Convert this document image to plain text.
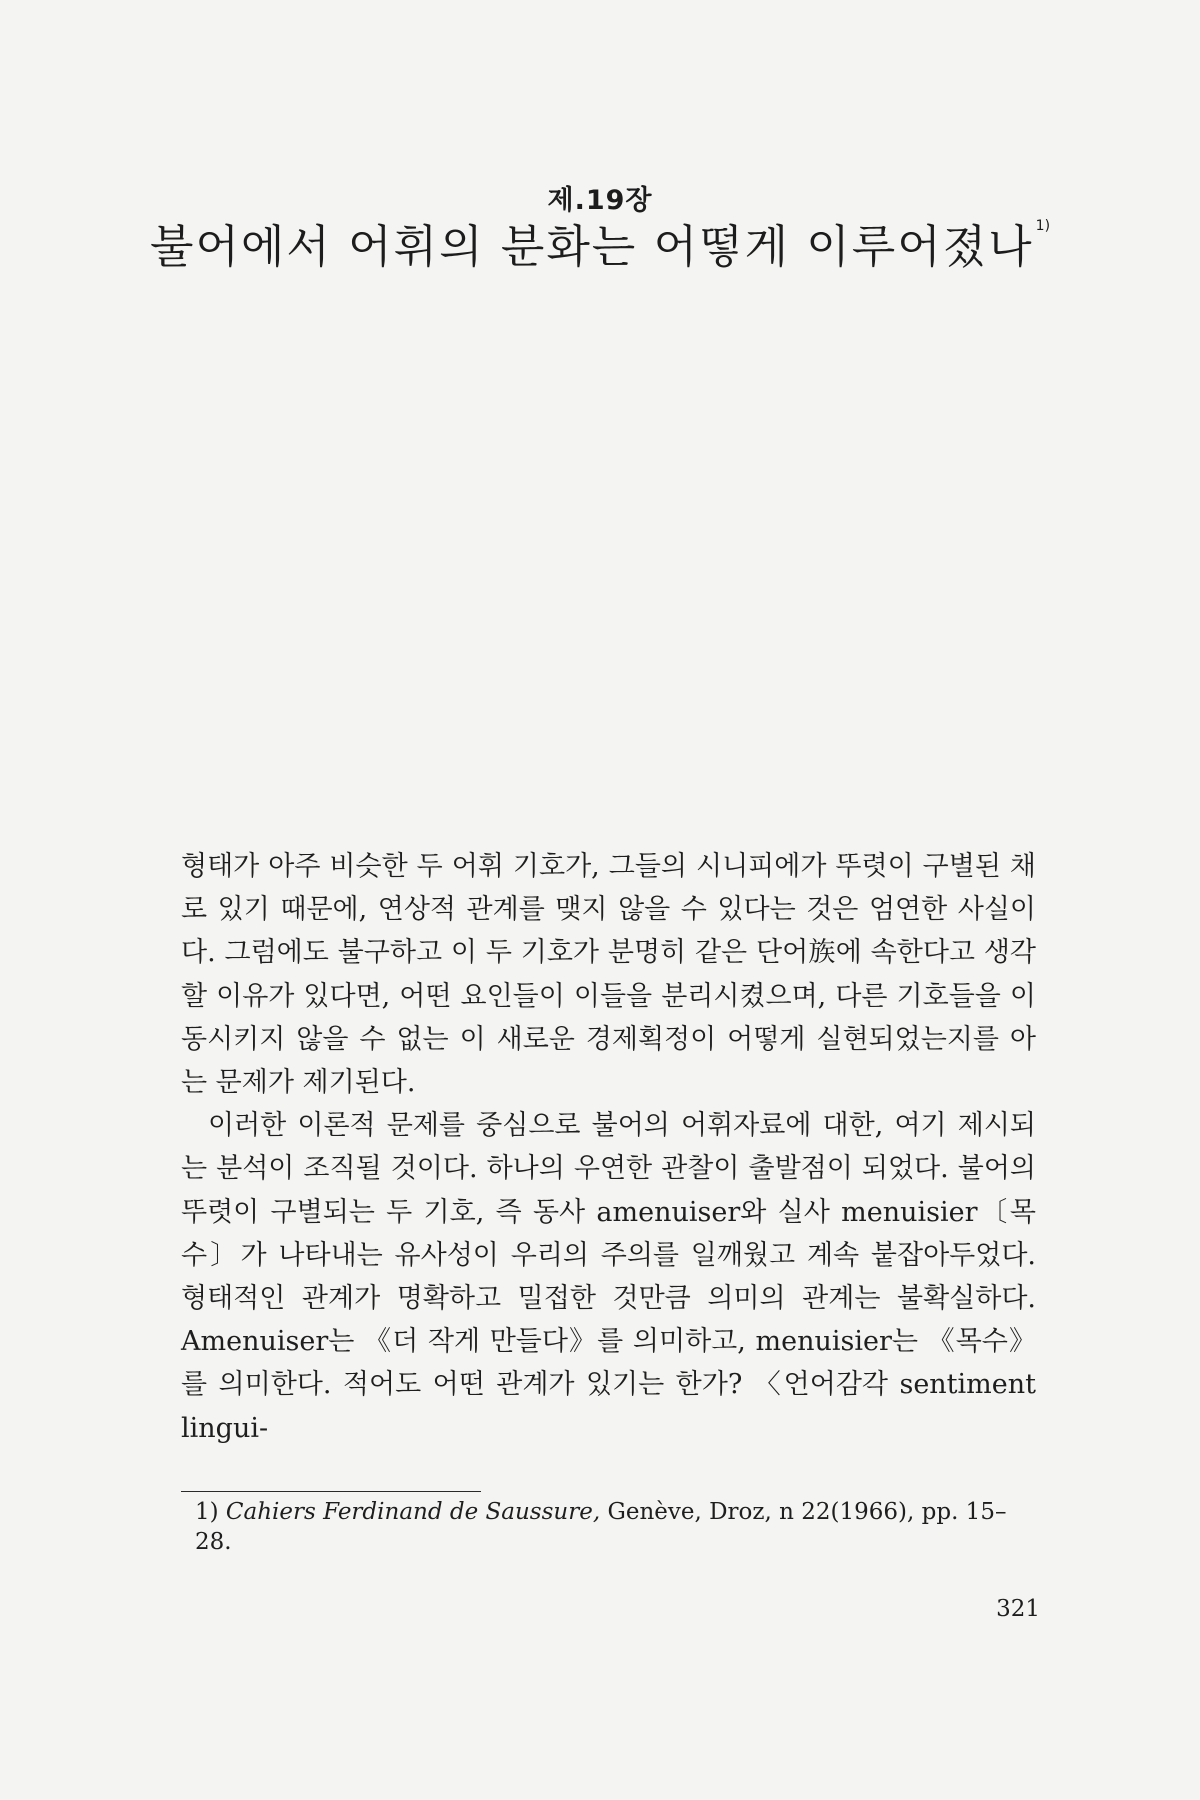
제.19장
불어에서 어휘의 분화는 어떻게 이루어졌나 $^{1)}$

형태가 아주 비슷한 두 어휘 기호가, 그들의 시니피에가 뚜렷이 구별된 채로 있기 때문에, 연상적 관계를 맺지 않을 수 있다는 것은 엄연한 사실이다. 그럼에도 불구하고 이 두 기호가 분명히 같은 단어族에 속한다고 생각할 이유가 있다면, 어떤 요인들이 이들을 분리시켰으며, 다른 기호들을 이동시키지 않을 수 없는 이 새로운 경제획정이 어떻게 실현되었는지를 아는 문제가 제기된다.

이러한 이론적 문제를 중심으로 불어의 어휘자료에 대한, 여기 제시되는 분석이 조직될 것이다. 하나의 우연한 관찰이 출발점이 되었다. 불어의 뚜렷이 구별되는 두 기호, 즉 동사 amenuiser와 실사 menuisier〔목수〕가 나타내는 유사성이 우리의 주의를 일깨웠고 계속 붙잡아두었다. 형태적인 관계가 명확하고 밀접한 것만큼 의미의 관계는 불확실하다. Amenuiser는 《더 작게 만들다》를 의미하고, menuisier는 《목수》를 의미한다. 적어도 어떤 관계가 있기는 한가? 〈언어감각 sentiment lingui-

1) Cahiers Ferdinand de Saussure, Genève, Droz, n 22(1966), pp. 15–28.
321
